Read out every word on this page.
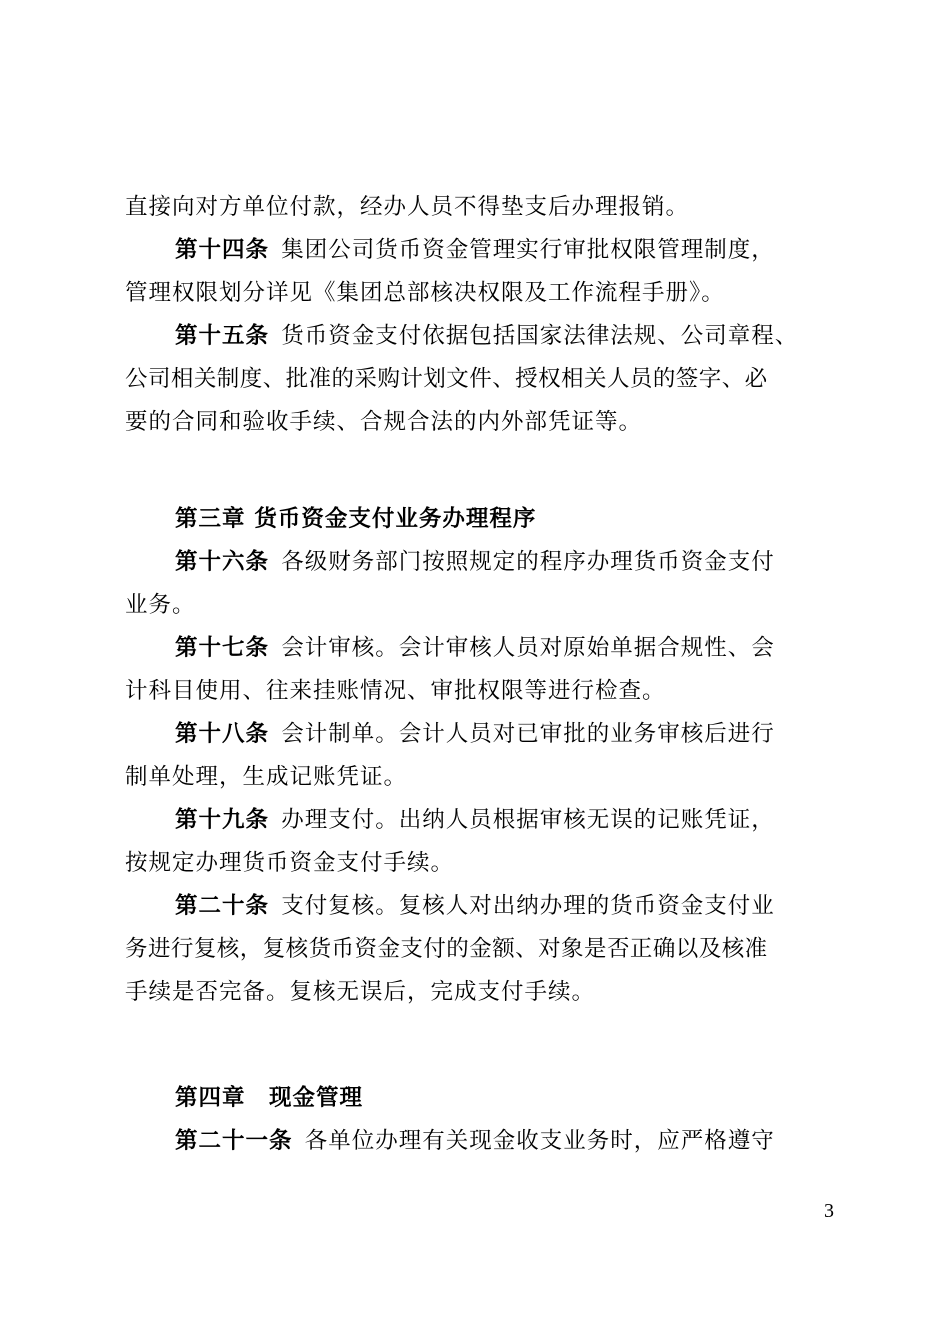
直接向对方单位付款，经办人员不得垫支后办理报销。
第十四条  集团公司货币资金管理实行审批权限管理制度，
管理权限划分详见《集团总部核决权限及工作流程手册》。
第十五条  货币资金支付依据包括国家法律法规、公司章程、
公司相关制度、批准的采购计划文件、授权相关人员的签字、必
要的合同和验收手续、合规合法的内外部凭证等。
第三章 货币资金支付业务办理程序
第十六条  各级财务部门按照规定的程序办理货币资金支付
业务。
第十七条  会计审核。会计审核人员对原始单据合规性、会
计科目使用、往来挂账情况、审批权限等进行检查。
第十八条  会计制单。会计人员对已审批的业务审核后进行
制单处理，生成记账凭证。
第十九条  办理支付。出纳人员根据审核无误的记账凭证，
按规定办理货币资金支付手续。
第二十条  支付复核。复核人对出纳办理的货币资金支付业
务进行复核，复核货币资金支付的金额、对象是否正确以及核准
手续是否完备。复核无误后，完成支付手续。
第四章　现金管理
第二十一条  各单位办理有关现金收支业务时，应严格遵守
3
